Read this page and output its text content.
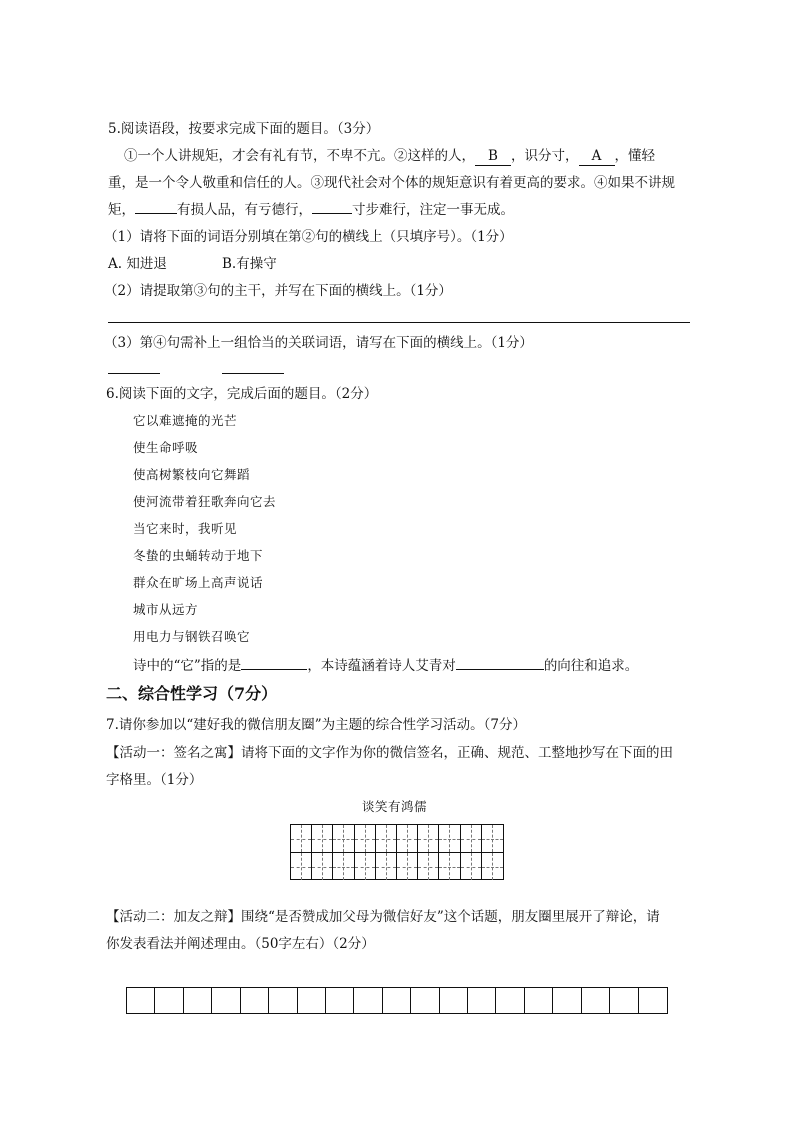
5.阅读语段，按要求完成下面的题目。（3分）
①一个人讲规矩，才会有礼有节，不卑不亢。②这样的人， B ，识分寸， A ，懂轻
重，是一个令人敬重和信任的人。③现代社会对个体的规矩意识有着更高的要求。④如果不讲规
矩，	有损人品，有亏德行，	寸步难行，注定一事无成。
（1）请将下面的词语分别填在第②句的横线上（只填序号）。（1分）
A. 知进退	B.有操守
（2）请提取第③句的主干，并写在下面的横线上。（1分）
（3）第④句需补上一组恰当的关联词语，请写在下面的横线上。（1分）
6.阅读下面的文字，完成后面的题目。（2分）
它以难遮掩的光芒
使生命呼吸
使高树繁枝向它舞蹈
使河流带着狂歌奔向它去
当它来时，我听见
冬蛰的虫蛹转动于地下
群众在旷场上高声说话
城市从远方
用电力与钢铁召唤它
诗中的“它”指的是	，本诗蕴涵着诗人艾青对	的向往和追求。
二、综合性学习（7分）
7.请你参加以“建好我的微信朋友圈”为主题的综合性学习活动。（7分）
【活动一：签名之寓】请将下面的文字作为你的微信签名，正确、规范、工整地抄写在下面的田
字格里。（1分）
谈笑有鸿儒
【活动二：加友之辩】围绕“是否赞成加父母为微信好友”这个话题，朋友圈里展开了辩论，请
你发表看法并阐述理由。（50字左右）（2分）
